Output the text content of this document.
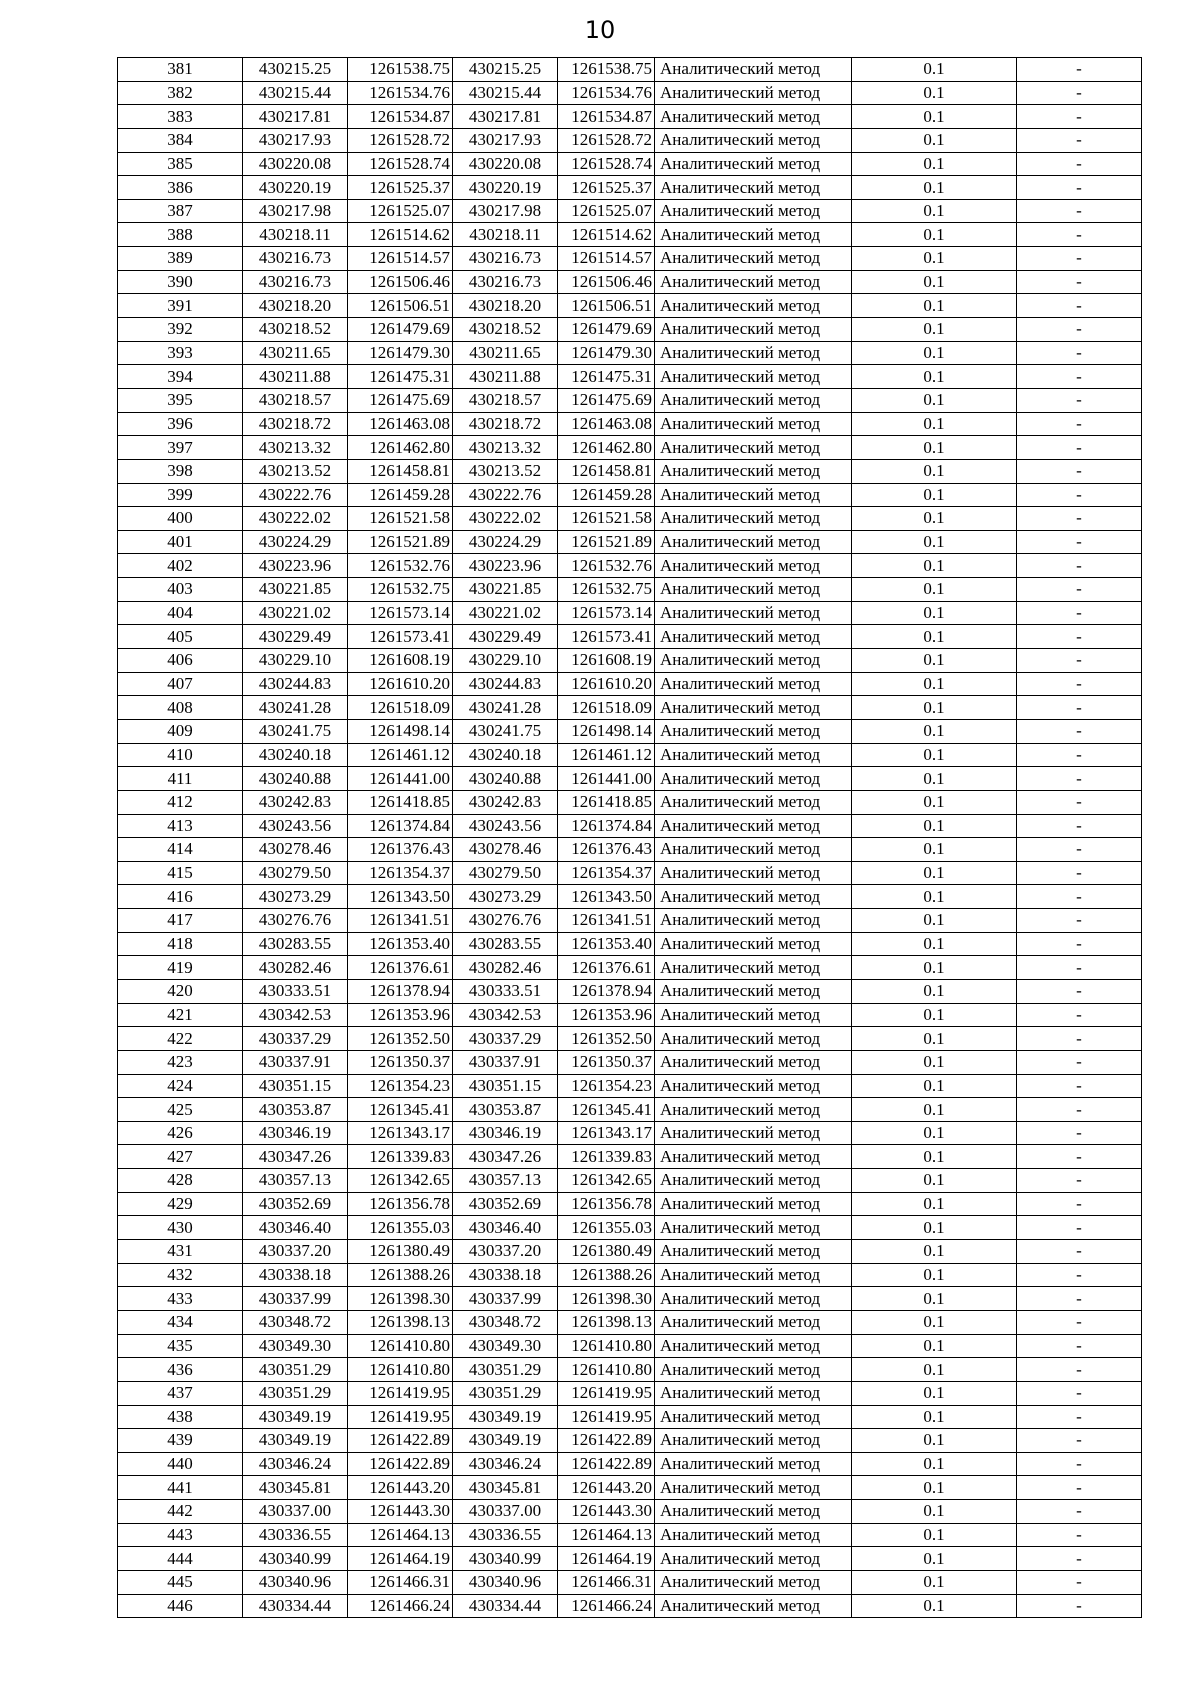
10
381	430215.25	1261538.75	430215.25	1261538.75	Аналитический метод	0.1	-
382	430215.44	1261534.76	430215.44	1261534.76	Аналитический метод	0.1	-
383	430217.81	1261534.87	430217.81	1261534.87	Аналитический метод	0.1	-
384	430217.93	1261528.72	430217.93	1261528.72	Аналитический метод	0.1	-
385	430220.08	1261528.74	430220.08	1261528.74	Аналитический метод	0.1	-
386	430220.19	1261525.37	430220.19	1261525.37	Аналитический метод	0.1	-
387	430217.98	1261525.07	430217.98	1261525.07	Аналитический метод	0.1	-
388	430218.11	1261514.62	430218.11	1261514.62	Аналитический метод	0.1	-
389	430216.73	1261514.57	430216.73	1261514.57	Аналитический метод	0.1	-
390	430216.73	1261506.46	430216.73	1261506.46	Аналитический метод	0.1	-
391	430218.20	1261506.51	430218.20	1261506.51	Аналитический метод	0.1	-
392	430218.52	1261479.69	430218.52	1261479.69	Аналитический метод	0.1	-
393	430211.65	1261479.30	430211.65	1261479.30	Аналитический метод	0.1	-
394	430211.88	1261475.31	430211.88	1261475.31	Аналитический метод	0.1	-
395	430218.57	1261475.69	430218.57	1261475.69	Аналитический метод	0.1	-
396	430218.72	1261463.08	430218.72	1261463.08	Аналитический метод	0.1	-
397	430213.32	1261462.80	430213.32	1261462.80	Аналитический метод	0.1	-
398	430213.52	1261458.81	430213.52	1261458.81	Аналитический метод	0.1	-
399	430222.76	1261459.28	430222.76	1261459.28	Аналитический метод	0.1	-
400	430222.02	1261521.58	430222.02	1261521.58	Аналитический метод	0.1	-
401	430224.29	1261521.89	430224.29	1261521.89	Аналитический метод	0.1	-
402	430223.96	1261532.76	430223.96	1261532.76	Аналитический метод	0.1	-
403	430221.85	1261532.75	430221.85	1261532.75	Аналитический метод	0.1	-
404	430221.02	1261573.14	430221.02	1261573.14	Аналитический метод	0.1	-
405	430229.49	1261573.41	430229.49	1261573.41	Аналитический метод	0.1	-
406	430229.10	1261608.19	430229.10	1261608.19	Аналитический метод	0.1	-
407	430244.83	1261610.20	430244.83	1261610.20	Аналитический метод	0.1	-
408	430241.28	1261518.09	430241.28	1261518.09	Аналитический метод	0.1	-
409	430241.75	1261498.14	430241.75	1261498.14	Аналитический метод	0.1	-
410	430240.18	1261461.12	430240.18	1261461.12	Аналитический метод	0.1	-
411	430240.88	1261441.00	430240.88	1261441.00	Аналитический метод	0.1	-
412	430242.83	1261418.85	430242.83	1261418.85	Аналитический метод	0.1	-
413	430243.56	1261374.84	430243.56	1261374.84	Аналитический метод	0.1	-
414	430278.46	1261376.43	430278.46	1261376.43	Аналитический метод	0.1	-
415	430279.50	1261354.37	430279.50	1261354.37	Аналитический метод	0.1	-
416	430273.29	1261343.50	430273.29	1261343.50	Аналитический метод	0.1	-
417	430276.76	1261341.51	430276.76	1261341.51	Аналитический метод	0.1	-
418	430283.55	1261353.40	430283.55	1261353.40	Аналитический метод	0.1	-
419	430282.46	1261376.61	430282.46	1261376.61	Аналитический метод	0.1	-
420	430333.51	1261378.94	430333.51	1261378.94	Аналитический метод	0.1	-
421	430342.53	1261353.96	430342.53	1261353.96	Аналитический метод	0.1	-
422	430337.29	1261352.50	430337.29	1261352.50	Аналитический метод	0.1	-
423	430337.91	1261350.37	430337.91	1261350.37	Аналитический метод	0.1	-
424	430351.15	1261354.23	430351.15	1261354.23	Аналитический метод	0.1	-
425	430353.87	1261345.41	430353.87	1261345.41	Аналитический метод	0.1	-
426	430346.19	1261343.17	430346.19	1261343.17	Аналитический метод	0.1	-
427	430347.26	1261339.83	430347.26	1261339.83	Аналитический метод	0.1	-
428	430357.13	1261342.65	430357.13	1261342.65	Аналитический метод	0.1	-
429	430352.69	1261356.78	430352.69	1261356.78	Аналитический метод	0.1	-
430	430346.40	1261355.03	430346.40	1261355.03	Аналитический метод	0.1	-
431	430337.20	1261380.49	430337.20	1261380.49	Аналитический метод	0.1	-
432	430338.18	1261388.26	430338.18	1261388.26	Аналитический метод	0.1	-
433	430337.99	1261398.30	430337.99	1261398.30	Аналитический метод	0.1	-
434	430348.72	1261398.13	430348.72	1261398.13	Аналитический метод	0.1	-
435	430349.30	1261410.80	430349.30	1261410.80	Аналитический метод	0.1	-
436	430351.29	1261410.80	430351.29	1261410.80	Аналитический метод	0.1	-
437	430351.29	1261419.95	430351.29	1261419.95	Аналитический метод	0.1	-
438	430349.19	1261419.95	430349.19	1261419.95	Аналитический метод	0.1	-
439	430349.19	1261422.89	430349.19	1261422.89	Аналитический метод	0.1	-
440	430346.24	1261422.89	430346.24	1261422.89	Аналитический метод	0.1	-
441	430345.81	1261443.20	430345.81	1261443.20	Аналитический метод	0.1	-
442	430337.00	1261443.30	430337.00	1261443.30	Аналитический метод	0.1	-
443	430336.55	1261464.13	430336.55	1261464.13	Аналитический метод	0.1	-
444	430340.99	1261464.19	430340.99	1261464.19	Аналитический метод	0.1	-
445	430340.96	1261466.31	430340.96	1261466.31	Аналитический метод	0.1	-
446	430334.44	1261466.24	430334.44	1261466.24	Аналитический метод	0.1	-
